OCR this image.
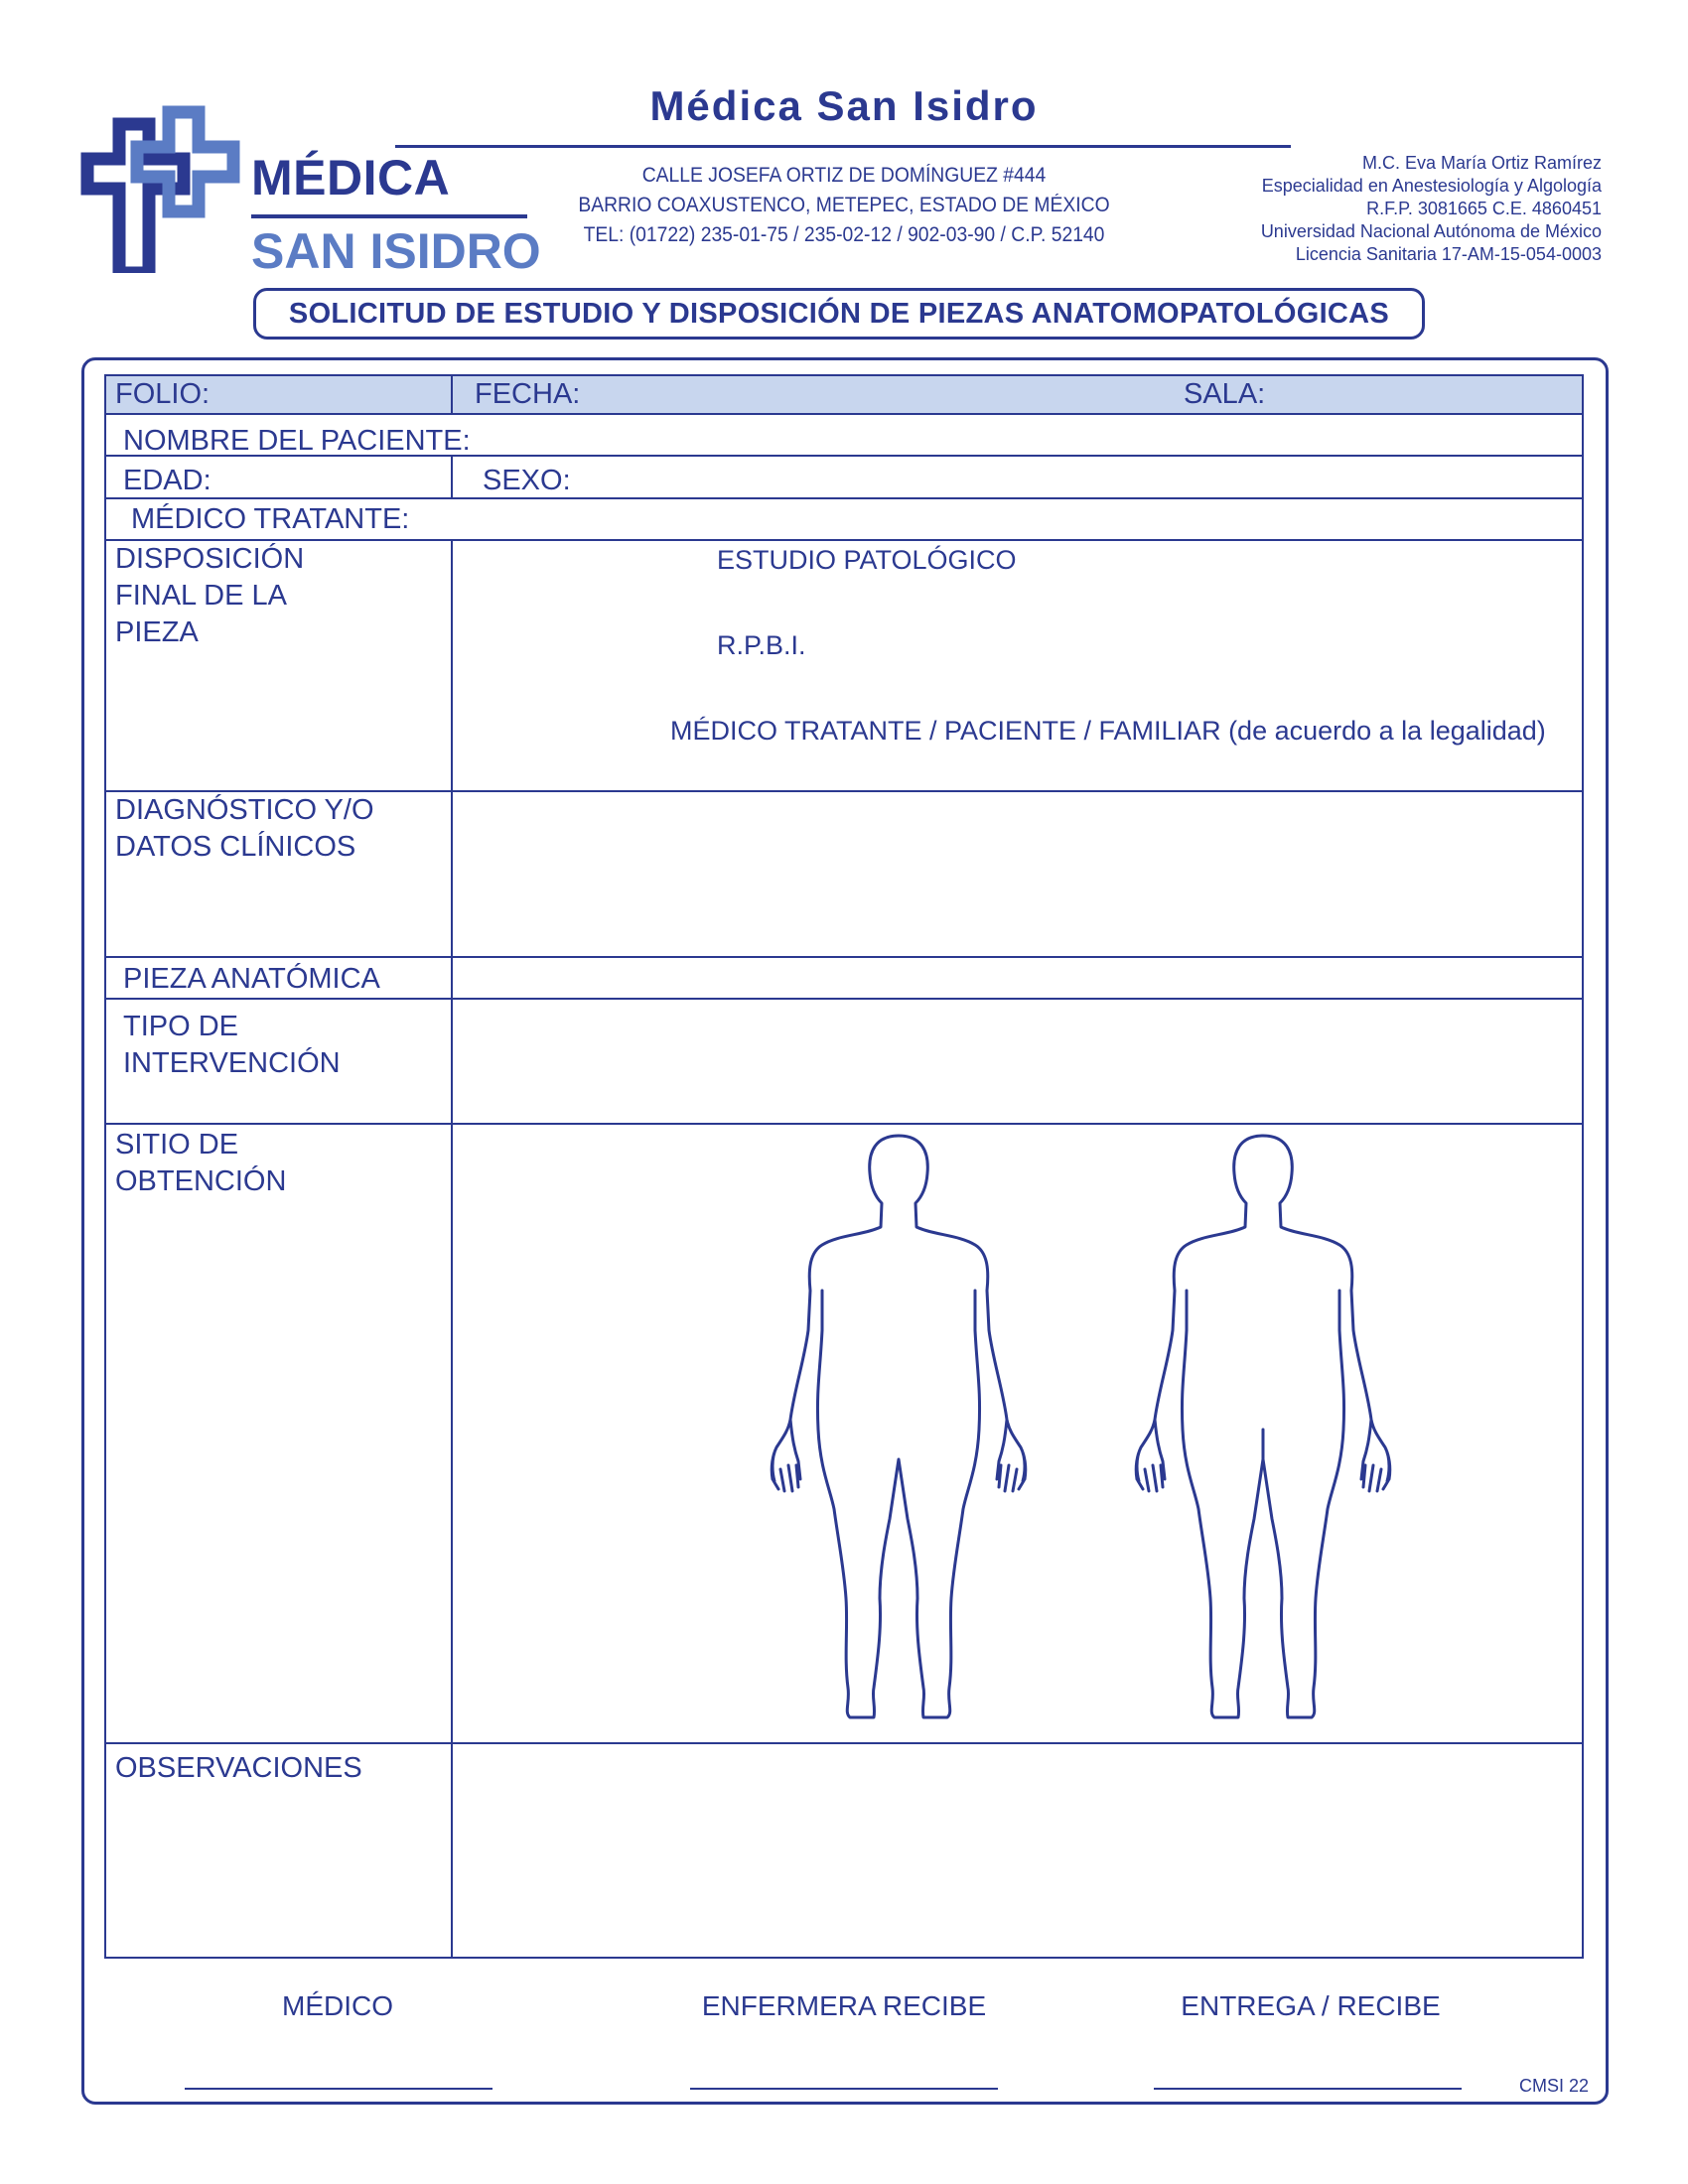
MÉDICA
SAN ISIDRO
Médica San Isidro
CALLE JOSEFA ORTIZ DE DOMÍNGUEZ #444
BARRIO COAXUSTENCO, METEPEC, ESTADO DE MÉXICO
TEL: (01722) 235-01-75 / 235-02-12 / 902-03-90 / C.P. 52140
M.C. Eva María Ortiz Ramírez
Especialidad en Anestesiología y Algología
R.F.P. 3081665 C.E. 4860451
Universidad Nacional Autónoma de México
Licencia Sanitaria 17-AM-15-054-0003
SOLICITUD DE ESTUDIO Y DISPOSICIÓN DE PIEZAS ANATOMOPATOLÓGICAS
FOLIO:	FECHA:	SALA:
NOMBRE DEL PACIENTE:
EDAD:	SEXO:
MÉDICO TRATANTE:
DISPOSICIÓN
FINAL DE LA
PIEZA
ESTUDIO PATOLÓGICO
R.P.B.I.
MÉDICO TRATANTE / PACIENTE / FAMILIAR (de acuerdo a la legalidad)
DIAGNÓSTICO Y/O
DATOS CLÍNICOS
PIEZA ANATÓMICA
TIPO DE
INTERVENCIÓN
SITIO DE
OBTENCIÓN
OBSERVACIONES
MÉDICO	ENFERMERA RECIBE	ENTREGA / RECIBE
CMSI 22
